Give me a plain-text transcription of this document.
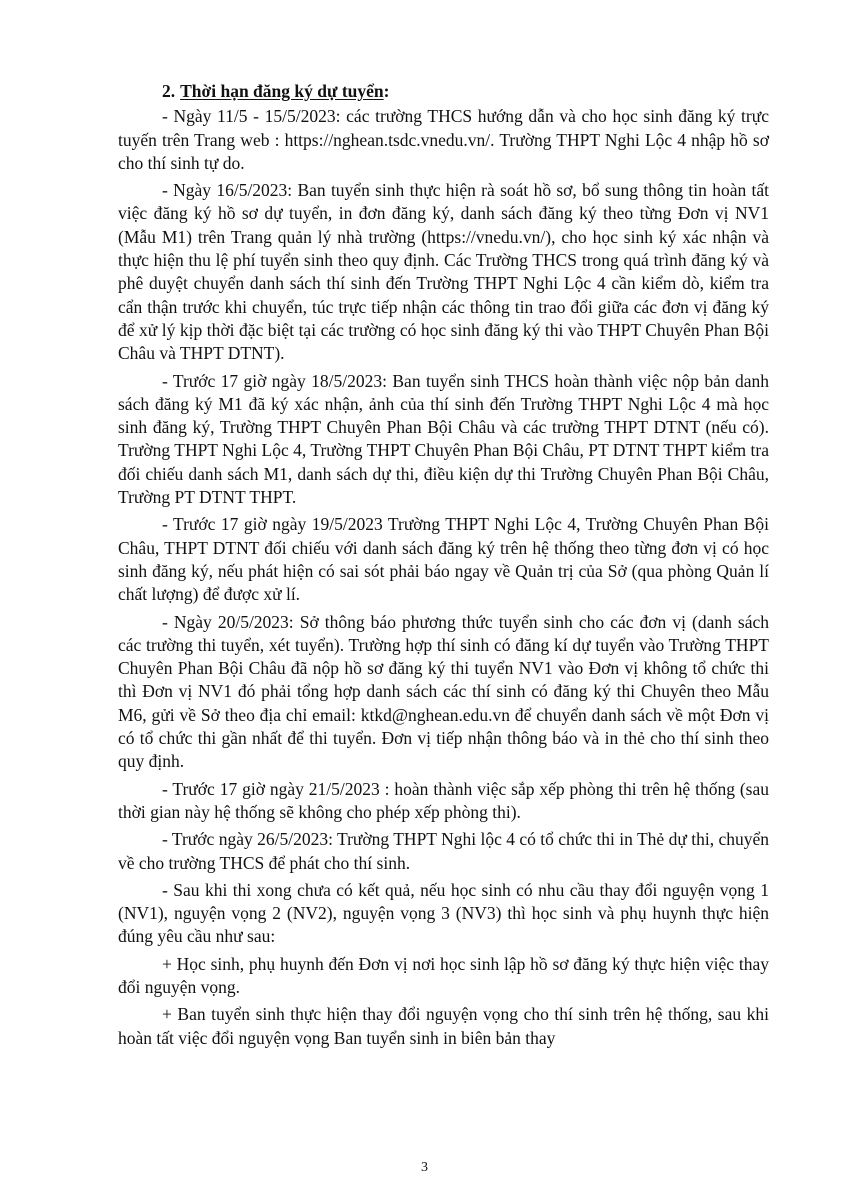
2. Thời hạn đăng ký dự tuyển :

- Ngày 11/5 - 15/5/2023: các trường THCS hướng dẫn và cho học sinh đăng ký trực tuyến trên Trang web : https://nghean.tsdc.vnedu.vn/. Trường THPT Nghi Lộc 4 nhập hồ sơ cho thí sinh tự do.

- Ngày 16/5/2023: Ban tuyển sinh thực hiện rà soát hồ sơ, bổ sung thông tin hoàn tất việc đăng ký hồ sơ dự tuyển, in đơn đăng ký, danh sách đăng ký theo từng Đơn vị NV1 (Mẫu M1) trên Trang quản lý nhà trường (https://vnedu.vn/), cho học sinh ký xác nhận và thực hiện thu lệ phí tuyển sinh theo quy định. Các Trường THCS trong quá trình đăng ký và phê duyệt chuyển danh sách thí sinh đến Trường THPT Nghi Lộc 4 cần kiểm dò, kiểm tra cẩn thận trước khi chuyển, túc trực tiếp nhận các thông tin trao đổi giữa các đơn vị đăng ký để xử lý kịp thời đặc biệt tại các trường có học sinh đăng ký thi vào THPT Chuyên Phan Bội Châu và THPT DTNT).

- Trước 17 giờ ngày 18/5/2023: Ban tuyển sinh THCS hoàn thành việc nộp bản danh sách đăng ký M1 đã ký xác nhận, ảnh của thí sinh đến Trường THPT Nghi Lộc 4 mà học sinh đăng ký, Trường THPT Chuyên Phan Bội Châu và các trường THPT DTNT (nếu có). Trường THPT Nghi Lộc 4, Trường THPT Chuyên Phan Bội Châu, PT DTNT THPT kiểm tra đối chiếu danh sách M1, danh sách dự thi, điều kiện dự thi Trường Chuyên Phan Bội Châu, Trường PT DTNT THPT.

- Trước 17 giờ ngày 19/5/2023 Trường THPT Nghi Lộc 4, Trường Chuyên Phan Bội Châu, THPT DTNT đối chiếu với danh sách đăng ký trên hệ thống theo từng đơn vị có học sinh đăng ký, nếu phát hiện có sai sót phải báo ngay về Quản trị của Sở (qua phòng Quản lí chất lượng) để được xử lí.

- Ngày 20/5/2023: Sở thông báo phương thức tuyển sinh cho các đơn vị (danh sách các trường thi tuyển, xét tuyển). Trường hợp thí sinh có đăng kí dự tuyển vào Trường THPT Chuyên Phan Bội Châu đã nộp hồ sơ đăng ký thi tuyển NV1 vào Đơn vị không tổ chức thi thì Đơn vị NV1 đó phải tổng hợp danh sách các thí sinh có đăng ký thi Chuyên theo Mẫu M6, gửi về Sở theo địa chỉ email: ktkd@nghean.edu.vn để chuyển danh sách về một Đơn vị có tổ chức thi gần nhất để thi tuyển. Đơn vị tiếp nhận thông báo và in thẻ cho thí sinh theo quy định.

- Trước 17 giờ ngày 21/5/2023 : hoàn thành việc sắp xếp phòng thi trên hệ thống (sau thời gian này hệ thống sẽ không cho phép xếp phòng thi).

- Trước ngày 26/5/2023: Trường THPT Nghi lộc 4 có tổ chức thi in Thẻ dự thi, chuyển về cho trường THCS để phát cho thí sinh.

- Sau khi thi xong chưa có kết quả, nếu học sinh có nhu cầu thay đổi nguyện vọng 1 (NV1), nguyện vọng 2 (NV2), nguyện vọng 3 (NV3) thì học sinh và phụ huynh thực hiện đúng yêu cầu như sau:

+ Học sinh, phụ huynh đến Đơn vị nơi học sinh lập hồ sơ đăng ký thực hiện việc thay đổi nguyện vọng.

+ Ban tuyển sinh thực hiện thay đổi nguyện vọng cho thí sinh trên hệ thống, sau khi hoàn tất việc đổi nguyện vọng Ban tuyển sinh in biên bản thay

3
